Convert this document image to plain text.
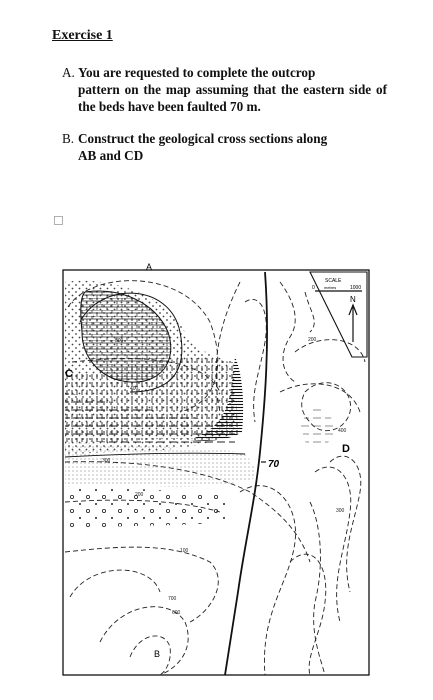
Exercise 1
A. You are requested to complete the outcrop
pattern on the map assuming that the eastern side of the beds have been faulted 70 m.
B. Construct the geological cross sections along
AB and CD
A
B
C
D
70
SCALE
0 metres	1000
N
500
400
300
200
100
700
600
300
400
200
